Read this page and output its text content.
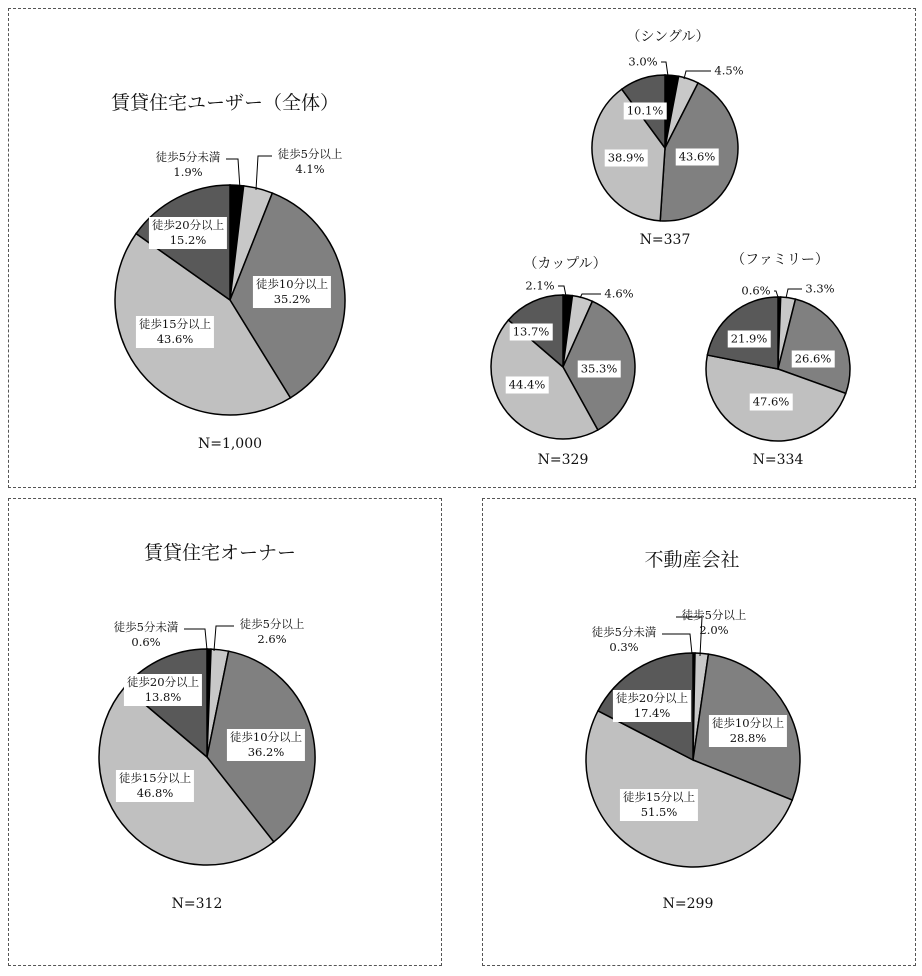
賃貸住宅ユーザー（全体）
N=1,000
徒歩5分未満
1.9%
徒歩5分以上
4.1%
徒歩10分以上
35.2%
徒歩15分以上
43.6%
徒歩20分以上
15.2%
（シングル）
N=337
3.0%
4.5%
43.6%
38.9%
10.1%
（カップル）
N=329
2.1%
4.6%
35.3%
44.4%
13.7%
（ファミリー）
N=334
0.6%	3.3%
26.6%
47.6%
21.9%
賃貸住宅オーナー
N=312
徒歩5分未満
0.6%
徒歩5分以上
2.6%
徒歩10分以上
36.2%
徒歩15分以上
46.8%
徒歩20分以上
13.8%
不動産会社
N=299
徒歩5分未満
0.3%
徒歩5分以上
2.0%
徒歩10分以上
28.8%
徒歩15分以上
51.5%
徒歩20分以上
17.4%
